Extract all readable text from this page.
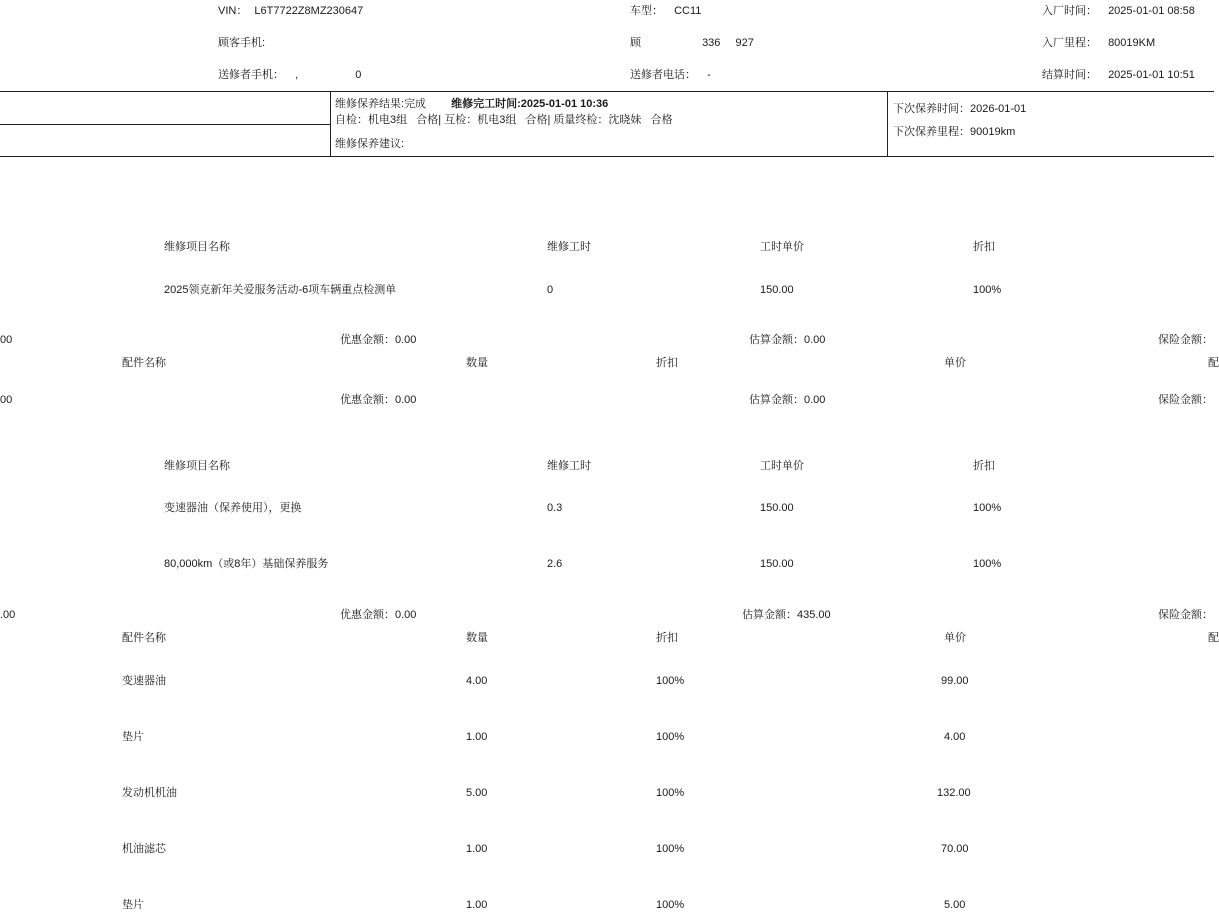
VIN： L6T7722Z8MZ230647	车型： CC11	入厂时间： 2025-01-01 08:58
顾客手机:	顾	336 927	入厂里程： 80019KM
送修者手机： ,	0	送修者电话： -	结算时间： 2025-01-01 10:51
维修保养结果:完成 维修完工时间:2025-01-01 10:36
自检：机电3组   合格| 互检：机电3组   合格| 质量终检：沈晓妹   合格
维修保养建议:
下次保养时间：2026-01-01
下次保养里程：90019km
维修项目名称	维修工时	工时单价	折扣
2025领克新年关爱服务活动-6项车辆重点检测单	0	150.00	100%
00	优惠金额：0.00	估算金额：0.00	保险金额：
配件名称	数量	折扣	单价	配
00	优惠金额：0.00	估算金额：0.00	保险金额：
维修项目名称	维修工时	工时单价	折扣
变速器油（保养使用），更换	0.3	150.00	100%
80,000km（或8年）基础保养服务	2.6	150.00	100%
.00	优惠金额：0.00	估算金额：435.00	保险金额：
配件名称	数量	折扣	单价	配
变速器油	4.00	100%	99.00
垫片	1.00	100%	4.00
发动机机油	5.00	100%	132.00
机油滤芯	1.00	100%	70.00
垫片	1.00	100%	5.00
